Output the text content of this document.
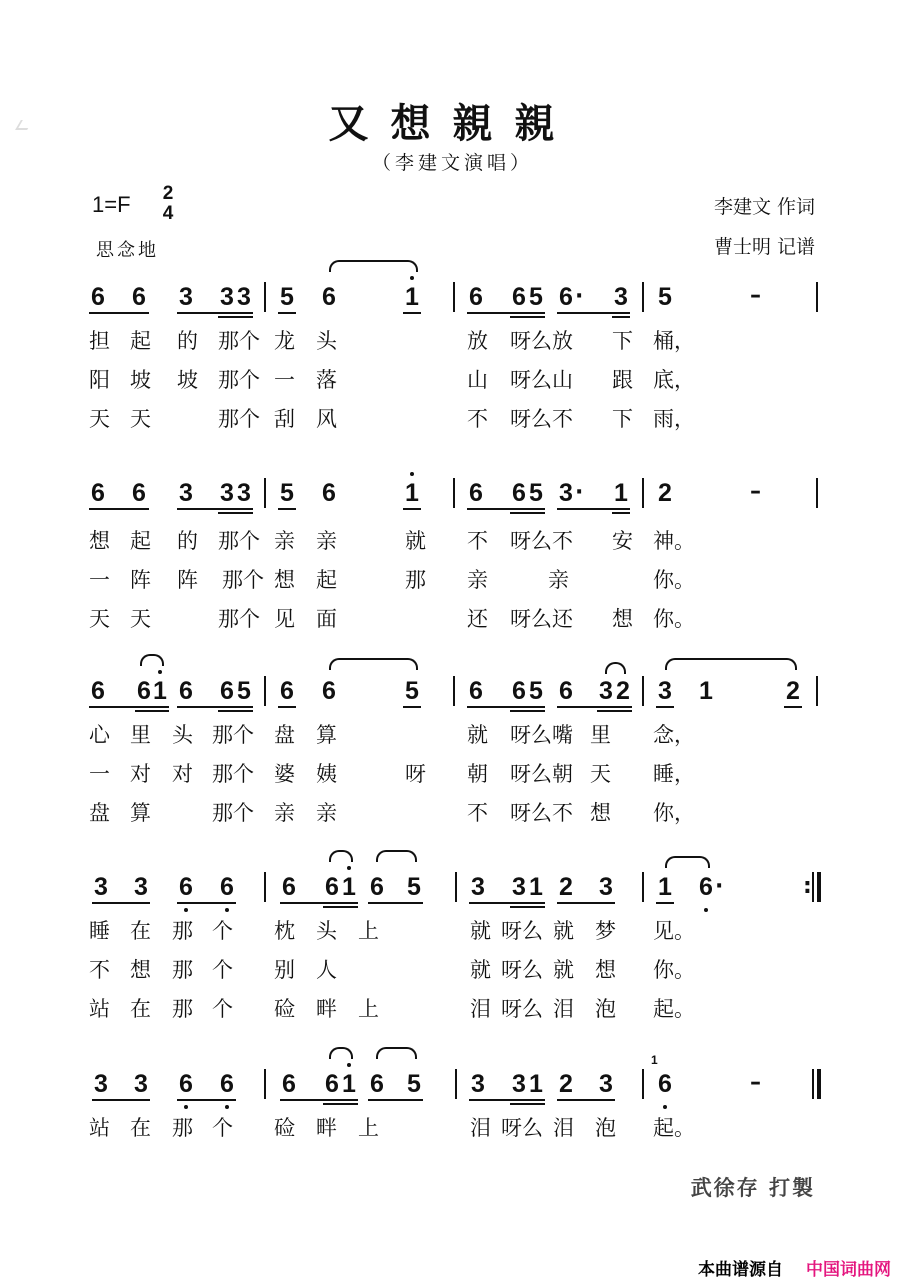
又想親親
（李建文演唱）
1=F 2
4
思念地
李建文 作词
曹士明 记谱
6 6 3 3 3 5 6	1 6 6 5 6 · 3 5	–
担 起 的 那个 龙 头	放 呀么放 下 桶，
阳 坡 坡 那个 一 落	山 呀么山 跟 底，
天 天	那个 刮 风	不 呀么不 下 雨，
6 6 3 3 3 5 6	1 6 6 5 3 · 1 2	–
想 起 的 那个 亲 亲	就 不 呀么不 安 神。
一 阵 阵 那个 想 起	那 亲	亲	你。
天 天	那个 见 面	还 呀么还 想 你。
6 6 1 6 6 5 6 6	5 6 6 5 6 3 2 3 1	2
心 里 头 那个 盘 算	就 呀么嘴 里 念，
一 对 对 那个 婆 姨	呀 朝 呀么朝 天 睡，
盘 算	那个 亲 亲	不 呀么不 想 你，
3 3 6 6 6 6 1 6 5 3 3 1 2 3 1 6 ·	:
睡 在 那 个 枕 头 上	就 呀么 就 梦 见。
不 想 那 个 别 人	就 呀么 就 想 你。
站 在 那 个 硷 畔 上	泪 呀么 泪 泡 起。
3 3 6 6 6 6 1 6 5 3 3 1 2 3
1
6	–
站 在 那 个 硷 畔 上	泪 呀么 泪 泡 起。
武徐存 打製
本曲谱源自 中国词曲网
